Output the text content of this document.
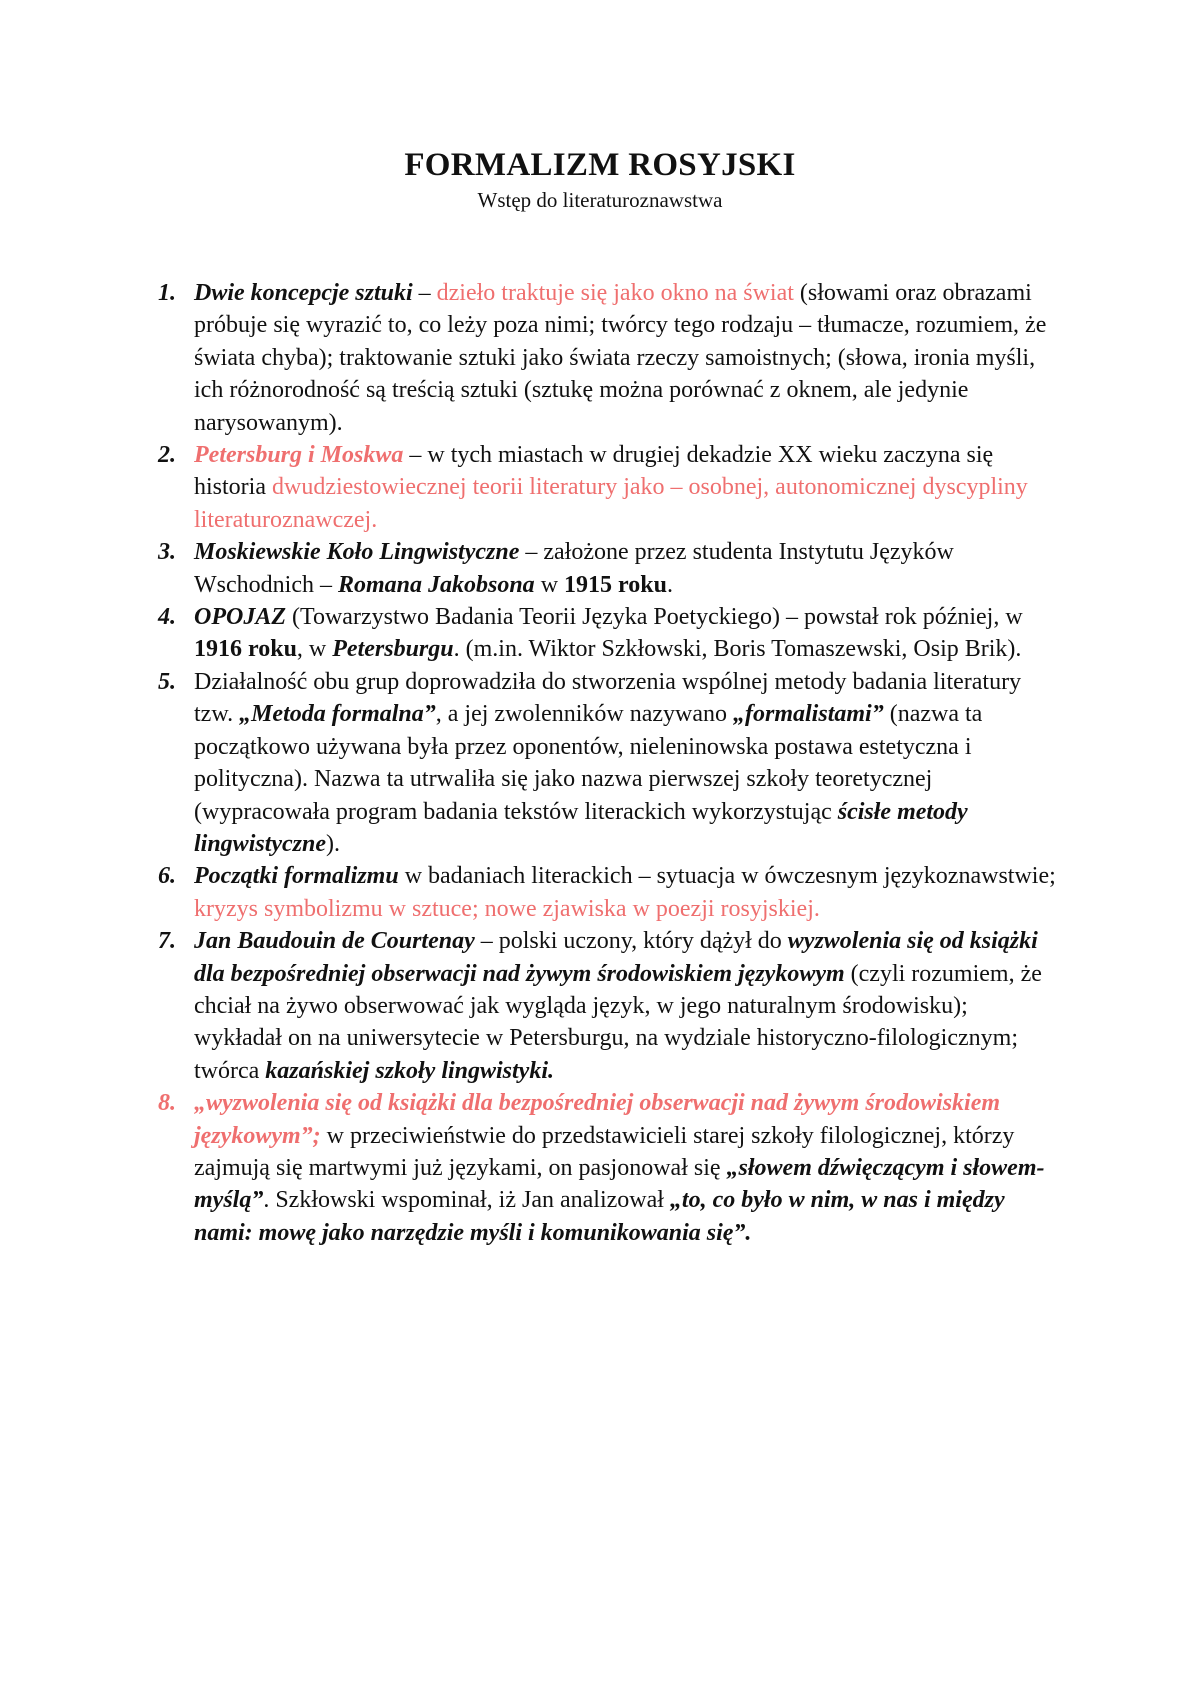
FORMALIZM ROSYJSKI
Wstęp do literaturoznawstwa
1. Dwie koncepcje sztuki – dzieło traktuje się jako okno na świat (słowami oraz obrazami próbuje się wyrazić to, co leży poza nimi; twórcy tego rodzaju – tłumacze, rozumiem, że świata chyba); traktowanie sztuki jako świata rzeczy samoistnych; (słowa, ironia myśli, ich różnorodność są treścią sztuki (sztukę można porównać z oknem, ale jedynie narysowanym).
2. Petersburg i Moskwa – w tych miastach w drugiej dekadzie XX wieku zaczyna się historia dwudziestowiecznej teorii literatury jako – osobnej, autonomicznej dyscypliny literaturoznawczej.
3. Moskiewskie Koło Lingwistyczne – założone przez studenta Instytutu Języków Wschodnich – Romana Jakobsona w 1915 roku.
4. OPOJAZ (Towarzystwo Badania Teorii Języka Poetyckiego) – powstał rok później, w 1916 roku, w Petersburgu. (m.in. Wiktor Szkłowski, Boris Tomaszewski, Osip Brik).
5. Działalność obu grup doprowadziła do stworzenia wspólnej metody badania literatury tzw. „Metoda formalna”, a jej zwolenników nazywano „formalistami” (nazwa ta początkowo używana była przez oponentów, nieleninowska postawa estetyczna i polityczna). Nazwa ta utrwaliła się jako nazwa pierwszej szkoły teoretycznej (wypracowała program badania tekstów literackich wykorzystując ścisłe metody lingwistyczne).
6. Początki formalizmu w badaniach literackich – sytuacja w ówczesnym językoznawstwie; kryzys symbolizmu w sztuce; nowe zjawiska w poezji rosyjskiej.
7. Jan Baudouin de Courtenay – polski uczony, który dążył do wyzwolenia się od książki dla bezpośredniej obserwacji nad żywym środowiskiem językowym (czyli rozumiem, że chciał na żywo obserwować jak wygląda język, w jego naturalnym środowisku); wykładał on na uniwersytecie w Petersburgu, na wydziale historyczno-filologicznym; twórca kazańskiej szkoły lingwistyki.
8. „wyzwolenia się od książki dla bezpośredniej obserwacji nad żywym środowiskiem językowym”; w przeciwieństwie do przedstawicieli starej szkoły filologicznej, którzy zajmują się martwymi już językami, on pasjonował się „słowem dźwięczącym i słowem-myślą”. Szkłowski wspominał, iż Jan analizował „to, co było w nim, w nas i między nami: mowę jako narzędzie myśli i komunikowania się”.
